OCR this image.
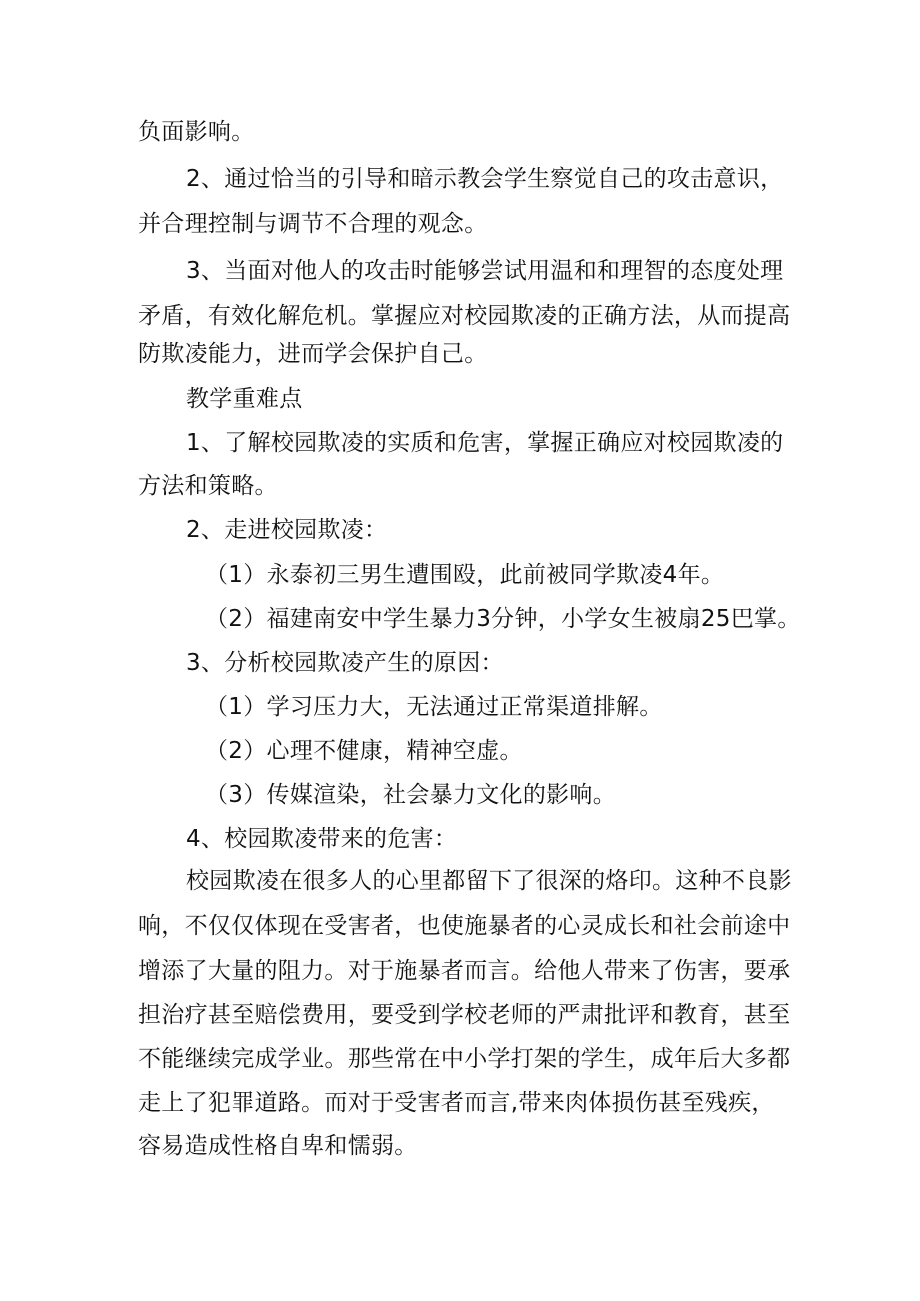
负面影响。
2、通过恰当的引导和暗示教会学生察觉自己的攻击意识，
并合理控制与调节不合理的观念。
3、当面对他人的攻击时能够尝试用温和和理智的态度处理
矛盾，有效化解危机。掌握应对校园欺凌的正确方法，从而提高
防欺凌能力，进而学会保护自己。
教学重难点
1、了解校园欺凌的实质和危害，掌握正确应对校园欺凌的
方法和策略。
2、走进校园欺凌：
（1）永泰初三男生遭围殴，此前被同学欺凌4年。
（2）福建南安中学生暴力3分钟，小学女生被扇25巴掌。
3、分析校园欺凌产生的原因：
（1）学习压力大，无法通过正常渠道排解。
（2）心理不健康，精神空虚。
（3）传媒渲染，社会暴力文化的影响。
4、校园欺凌带来的危害：
校园欺凌在很多人的心里都留下了很深的烙印。这种不良影
响，不仅仅体现在受害者，也使施暴者的心灵成长和社会前途中
增添了大量的阻力。对于施暴者而言。给他人带来了伤害，要承
担治疗甚至赔偿费用，要受到学校老师的严肃批评和教育，甚至
不能继续完成学业。那些常在中小学打架的学生，成年后大多都
走上了犯罪道路。而对于受害者而言,带来肉体损伤甚至残疾，
容易造成性格自卑和懦弱。
